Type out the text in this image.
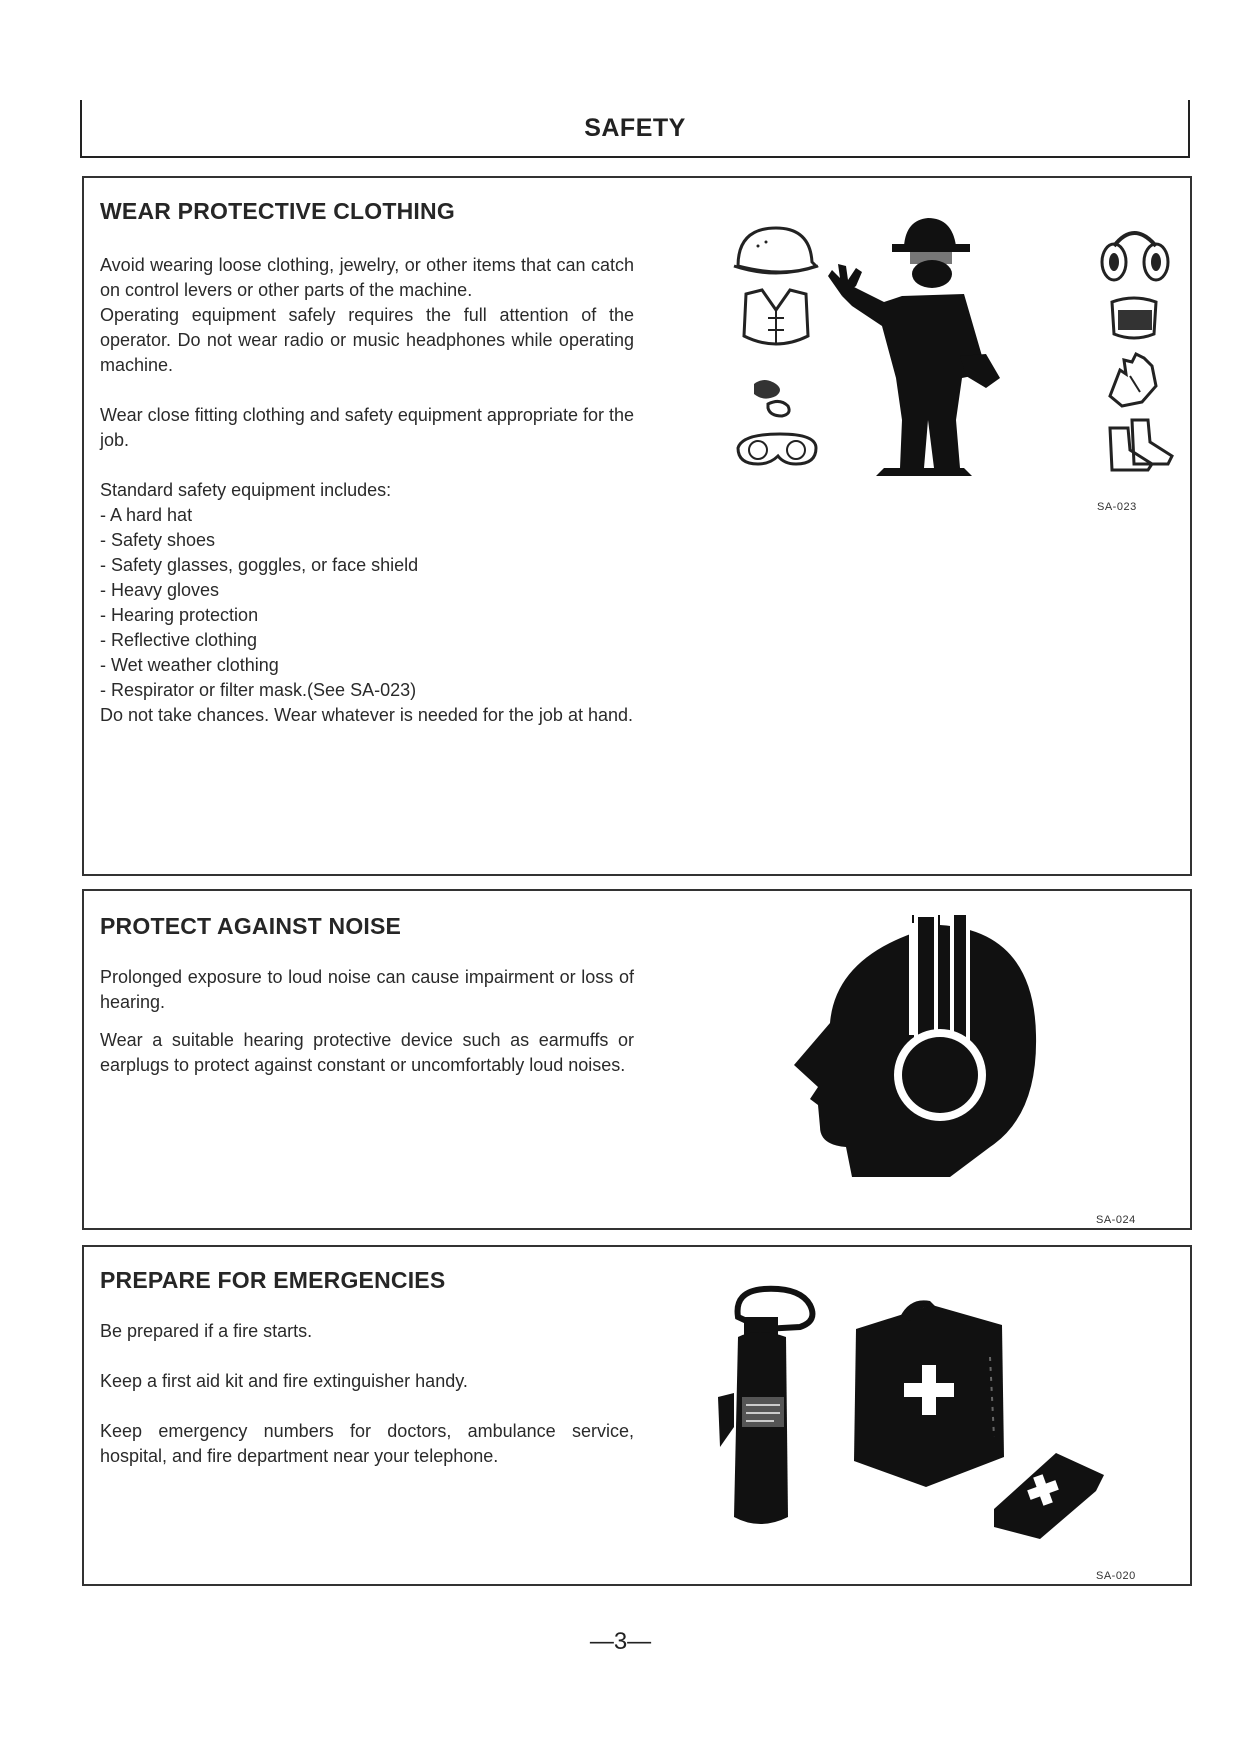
SAFETY
WEAR PROTECTIVE CLOTHING

Avoid wearing loose clothing, jewelry, or other items that can catch on control levers or other parts of the machine.

Operating equipment safely requires the full attention of the operator. Do not wear radio or music headphones while operating machine.

Wear close fitting clothing and safety equipment appropriate for the job.

Standard safety equipment includes:

- A hard hat

- Safety shoes

- Safety glasses, goggles, or face shield

- Heavy gloves

- Hearing protection

- Reflective clothing

- Wet weather clothing

- Respirator or filter mask.(See SA-023)

Do not take chances. Wear whatever is needed for the job at hand.

SA-023
PROTECT AGAINST NOISE

Prolonged exposure to loud noise can cause impairment or loss of hearing.

Wear a suitable hearing protective device such as earmuffs or earplugs to protect against constant or uncomfortably loud noises.

SA-024
PREPARE FOR EMERGENCIES

Be prepared if a fire starts.

Keep a first aid kit and fire extinguisher handy.

Keep emergency numbers for doctors, ambulance service, hospital, and fire department near your telephone.

SA-020
—3—
